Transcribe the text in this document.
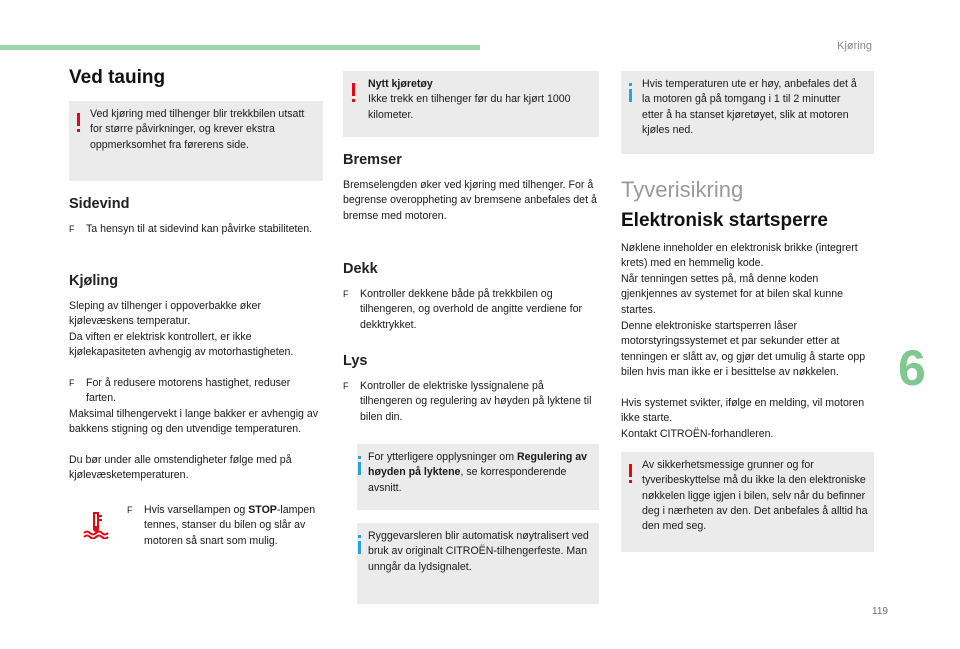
Kjøring
6
119
Ved tauing
Ved kjøring med tilhenger blir trekkbilen utsatt for større påvirkninger, og krever ekstra oppmerksomhet fra førerens side.
Sidevind
F Ta hensyn til at sidevind kan påvirke stabiliteten.
Kjøling
Sleping av tilhenger i oppoverbakke øker kjølevæskens temperatur.
Da viften er elektrisk kontrollert, er ikke kjølekapasiteten avhengig av motorhastigheten.
F For å redusere motorens hastighet, reduser farten.
Maksimal tilhengervekt i lange bakker er avhengig av bakkens stigning og den utvendige temperaturen.
Du bør under alle omstendigheter følge med på kjølevæsketemperaturen.
F Hvis varsellampen og STOP-lampen tennes, stanser du bilen og slår av motoren så snart som mulig.
Nytt kjøretøy
Ikke trekk en tilhenger før du har kjørt 1000 kilometer.
Bremser
Bremselengden øker ved kjøring med tilhenger. For å begrense overoppheting av bremsene anbefales det å bremse med motoren.
Dekk
F Kontroller dekkene både på trekkbilen og tilhengeren, og overhold de angitte verdiene for dekktrykket.
Lys
F Kontroller de elektriske lyssignalene på tilhengeren og regulering av høyden på lyktene til bilen din.
For ytterligere opplysninger om Regulering av høyden på lyktene, se korresponderende avsnitt.
Ryggevarsleren blir automatisk nøytralisert ved bruk av originalt CITROËN-tilhengerfeste. Man unngår da lydsignalet.
Hvis temperaturen ute er høy, anbefales det å la motoren gå på tomgang i 1 til 2 minutter etter å ha stanset kjøretøyet, slik at motoren kjøles ned.
Tyverisikring
Elektronisk startsperre
Nøklene inneholder en elektronisk brikke (integrert krets) med en hemmelig kode.
Når tenningen settes på, må denne koden gjenkjennes av systemet for at bilen skal kunne startes.
Denne elektroniske startsperren låser motorstyringssystemet et par sekunder etter at tenningen er slått av, og gjør det umulig å starte opp bilen hvis man ikke er i besittelse av nøkkelen.
Hvis systemet svikter, ifølge en melding, vil motoren ikke starte.
Kontakt CITROËN-forhandleren.
Av sikkerhetsmessige grunner og for tyveribeskyttelse må du ikke la den elektroniske nøkkelen ligge igjen i bilen, selv når du befinner deg i nærheten av den. Det anbefales å alltid ha den med seg.
